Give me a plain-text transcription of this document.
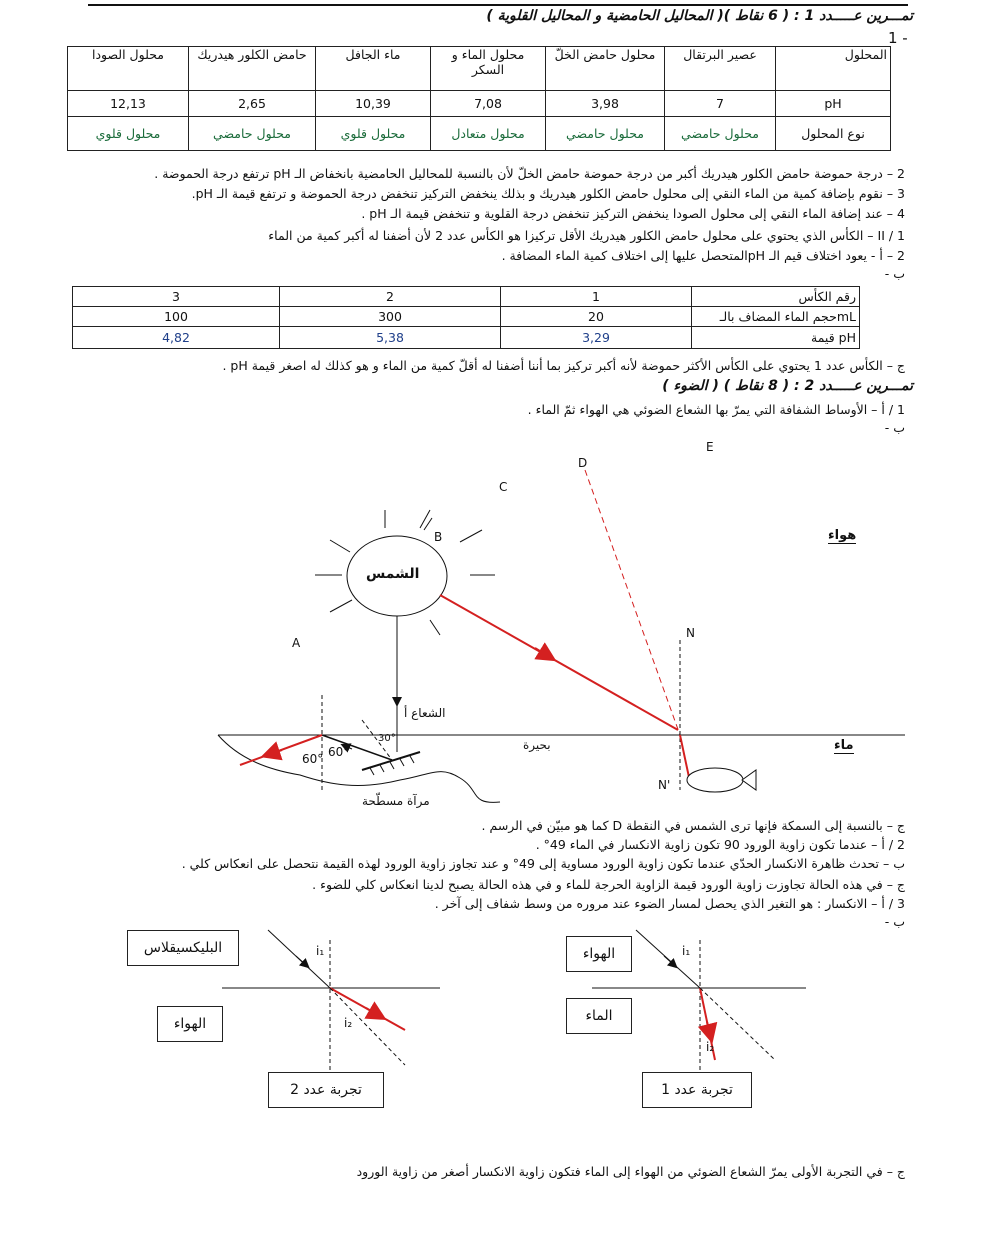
تمـــرين عـــــدد 1 : ( 6 نقاط )( المحاليل الحامضية و المحاليل القلوية )
1 -
محلول الصودا	حامض الكلور هيدريك	ماء الجافل	محلول الماء و السكر	محلول حامض الخلّ	عصير البرتقال	المحلول
12,13	2,65	10,39	7,08	3,98	7	pH
محلول قلوي	محلول حامضي	محلول قلوي	محلول متعادل	محلول حامضي	محلول حامضي	نوع المحلول
2 – درجة حموضة حامض الكلور هيدريك أكبر من درجة حموضة حامض الخلّ لأن بالنسبة للمحاليل الحامضية بانخفاض الـ pH ترتفع درجة الحموضة .
3 – نقوم بإضافة كمية من الماء النقي إلى محلول حامض الكلور هيدريك و بذلك ينخفض التركيز تنخفض درجة الحموضة و ترتفع قيمة الـ pH.
4 – عند إضافة الماء النقي إلى محلول الصودا ينخفض التركيز تنخفض درجة القلوية و تنخفض قيمة الـ pH .
II / 1 – الكأس الذي يحتوي على محلول حامض الكلور هيدريك الأقل تركيزا هو الكأس عدد 2 لأن أضفنا له أكبر كمية من الماء
2 – أ - يعود اختلاف قيم الـ pHالمتحصل عليها إلى اختلاف كمية الماء المضافة .
ب -
3	2	1	رقم الكأس
100	300	20	حجم الماء المضاف بالـmL
4,82	5,38	3,29	قيمة pH
ج – الكأس عدد 1 يحتوي على الكأس الأكثر حموضة لأنه أكبر تركيز بما أننا أضفنا له أقلّ كمية من الماء و هو كذلك له اصغر قيمة pH .
تمـــرين عـــــدد 2 : ( 8 نقاط ) ( الضوء )
1 / أ – الأوساط الشفافة التي يمرّ بها الشعاع الضوئي هي الهواء ثمّ الماء .
ب -
D
E
C
B
A
N
N'
الشمس
هواء
ماء
بحيرة
الشعاع أ
مرآة مسطّحة
60° 60°
30°
ج – بالنسبة إلى السمكة فإنها ترى الشمس في النقطة D كما هو مبيّن في الرسم .
2 / أ – عندما تكون زاوية الورود 90 تكون زاوية الانكسار في الماء 49° .
ب – تحدث ظاهرة الانكسار الحدّي عندما تكون زاوية الورود مساوية إلى 49° و عند تجاوز زاوية الورود لهذه القيمة نتحصل على انعكاس كلي .
ج – في هذه الحالة تجاوزت زاوية الورود قيمة الزاوية الحرجة للماء و في هذه الحالة يصبح لدينا انعكاس كلي للضوء .
3 / أ – الانكسار : هو التغير الذي يحصل لمسار الضوء عند مروره من وسط شفاف إلى آخر .
ب -
البليكسيقلاس
الهواء
تجربة عدد 2
i₁
i₂
الهواء
الماء
تجربة عدد 1
i₁
i₂
ج – في التجربة الأولى يمرّ الشعاع الضوئي من الهواء إلى الماء فتكون زاوية الانكسار أصغر من زاوية الورود
